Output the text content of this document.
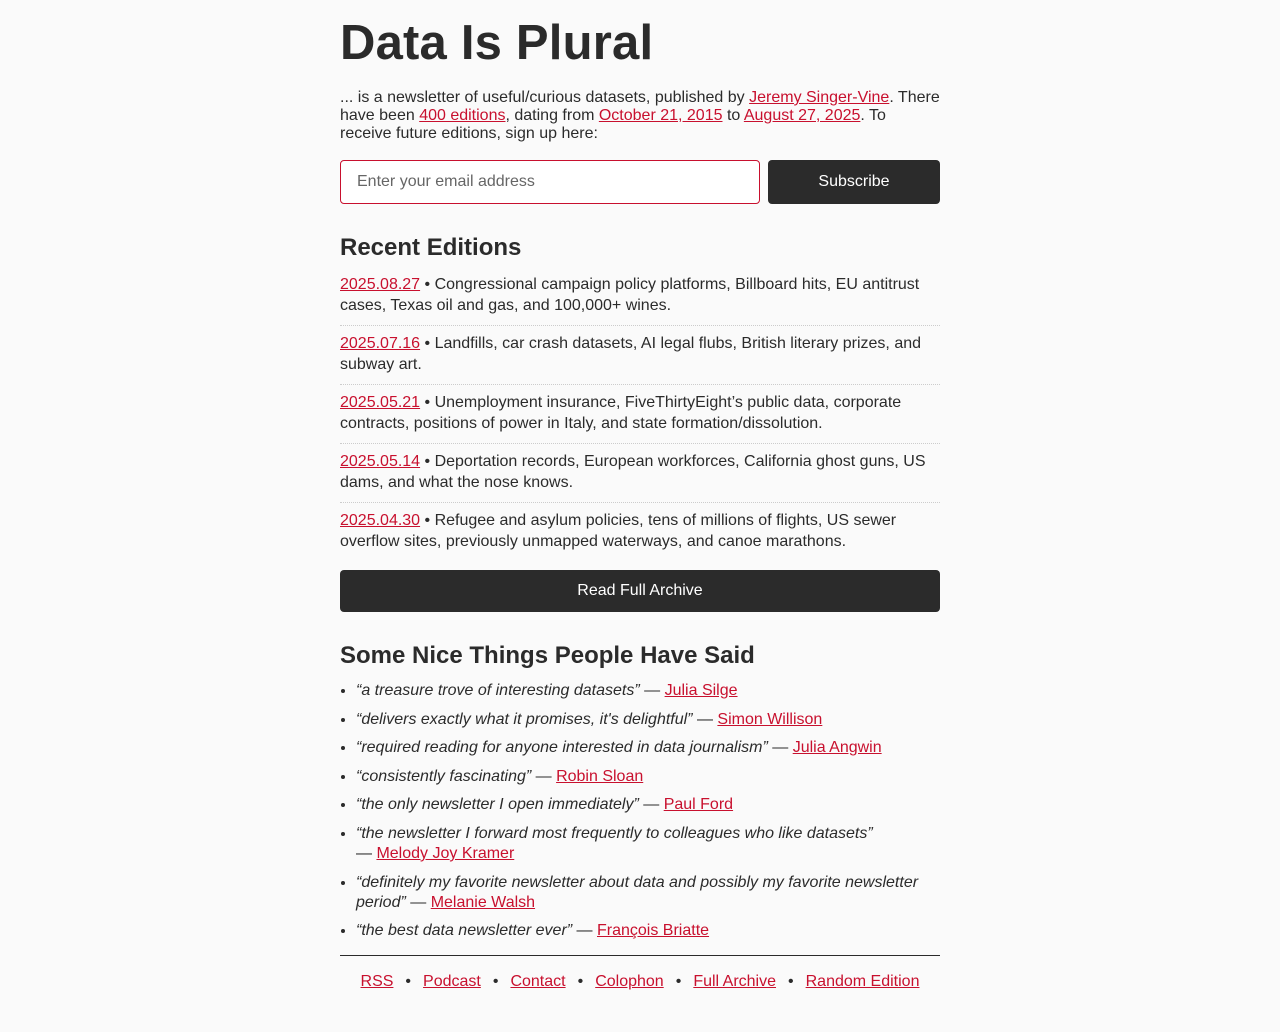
Data Is Plural

... is a newsletter of useful/curious datasets, published by Jeremy Singer-Vine. There have been 400 editions, dating from October 21, 2015 to August 27, 2025. To receive future editions, sign up here:

Enter your email address
Subscribe
Recent Editions
2025.08.27 • Congressional campaign policy platforms, Billboard hits, EU antitrust cases, Texas oil and gas, and 100,000+ wines.
2025.07.16 • Landfills, car crash datasets, AI legal flubs, British literary prizes, and subway art.
2025.05.21 • Unemployment insurance, FiveThirtyEight’s public data, corporate contracts, positions of power in Italy, and state formation/dissolution.
2025.05.14 • Deportation records, European workforces, California ghost guns, US dams, and what the nose knows.
2025.04.30 • Refugee and asylum policies, tens of millions of flights, US sewer overflow sites, previously unmapped waterways, and canoe marathons.
Read Full Archive
Some Nice Things People Have Said
• “a treasure trove of interesting datasets” — Julia Silge
• “delivers exactly what it promises, it's delightful” — Simon Willison
• “required reading for anyone interested in data journalism” — Julia Angwin
• “consistently fascinating” — Robin Sloan
• “the only newsletter I open immediately” — Paul Ford
• “the newsletter I forward most frequently to colleagues who like datasets”
— Melody Joy Kramer
• “definitely my favorite newsletter about data and possibly my favorite newsletter period” — Melanie Walsh
• “the best data newsletter ever” — François Briatte
RSS • Podcast • Contact • Colophon • Full Archive • Random Edition
